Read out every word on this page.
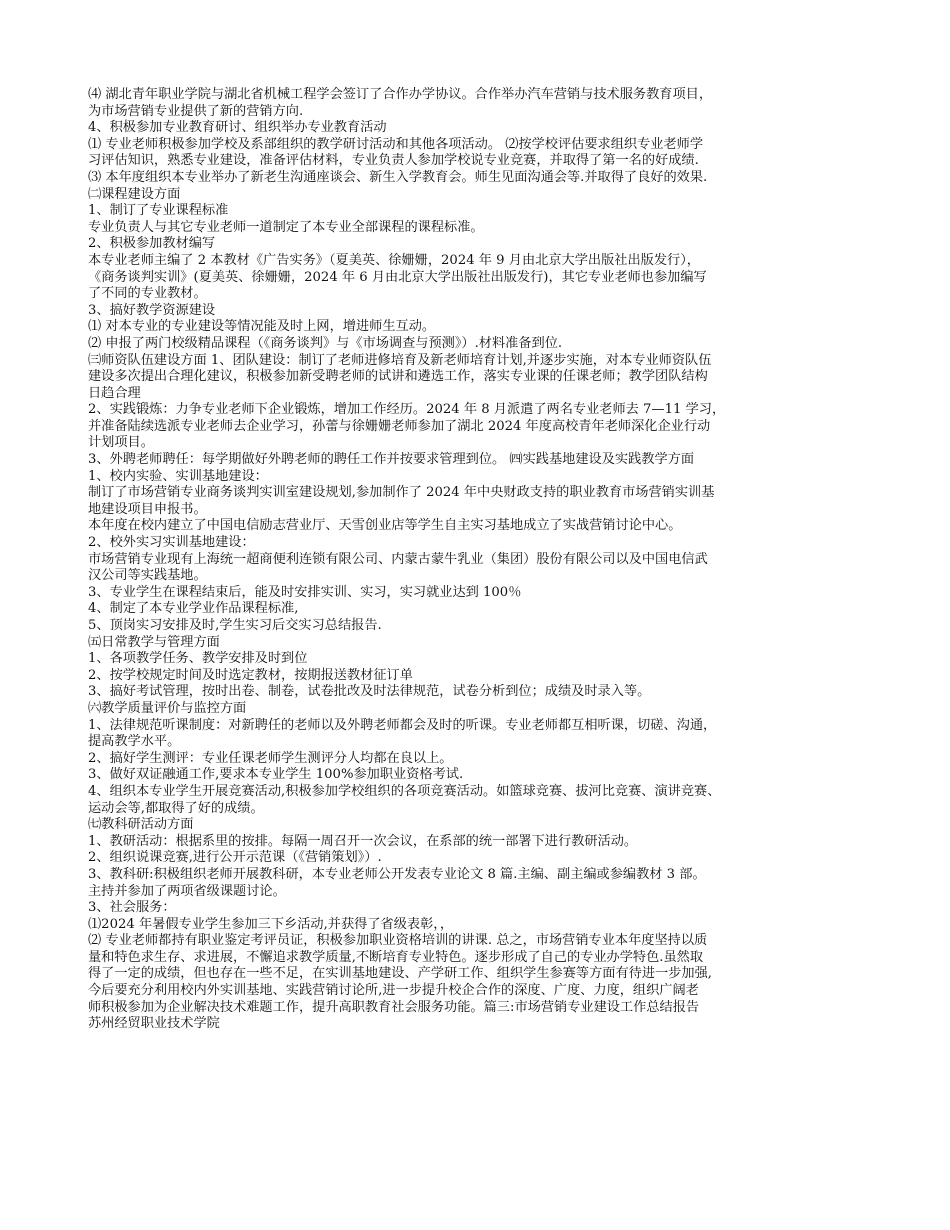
⑷ 湖北青年职业学院与湖北省机械工程学会签订了合作办学协议。合作举办汽车营销与技术服务教育项目，
为市场营销专业提供了新的营销方向.
4、积极参加专业教育研讨、组织举办专业教育活动
⑴ 专业老师积极参加学校及系部组织的教学研讨活动和其他各项活动。 ⑵按学校评估要求组织专业老师学
习评估知识，熟悉专业建设，准备评估材料，专业负责人参加学校说专业竞赛，并取得了第一名的好成绩.
⑶ 本年度组织本专业举办了新老生沟通座谈会、新生入学教育会。师生见面沟通会等.并取得了良好的效果.
㈡课程建设方面
1、制订了专业课程标准
专业负责人与其它专业老师一道制定了本专业全部课程的课程标准。
2、积极参加教材编写
本专业老师主编了 2 本教材《广告实务》（夏美英、徐姗姗，2024 年 9 月由北京大学出版社出版发行），
《商务谈判实训》(夏美英、徐姗姗，2024 年 6 月由北京大学出版社出版发行)，其它专业老师也参加编写
了不同的专业教材。
3、搞好教学资源建设
⑴ 对本专业的专业建设等情况能及时上网，增进师生互动。
⑵ 申报了两门校级精品课程（《商务谈判》与《市场调查与预测》）.材料准备到位.
㈢师资队伍建设方面 1、团队建设：制订了老师进修培育及新老师培育计划,并逐步实施，对本专业师资队伍
建设多次提出合理化建议，积极参加新受聘老师的试讲和遴选工作，落实专业课的任课老师；教学团队结构
日趋合理
2、实践锻炼：力争专业老师下企业锻炼，增加工作经历。2024 年 8 月派遣了两名专业老师去 7—11 学习，
并准备陆续选派专业老师去企业学习，孙蕾与徐姗姗老师参加了湖北 2024 年度高校青年老师深化企业行动
计划项目。
3、外聘老师聘任：每学期做好外聘老师的聘任工作并按要求管理到位。 ㈣实践基地建设及实践教学方面
1、校内实验、实训基地建设：
制订了市场营销专业商务谈判实训室建设规划,参加制作了 2024 年中央财政支持的职业教育市场营销实训基
地建设项目申报书。
本年度在校内建立了中国电信励志营业厅、天雪创业店等学生自主实习基地成立了实战营销讨论中心。
2、校外实习实训基地建设：
市场营销专业现有上海统一超商便利连锁有限公司、内蒙古蒙牛乳业（集团）股份有限公司以及中国电信武
汉公司等实践基地。
3、专业学生在课程结束后，能及时安排实训、实习，实习就业达到 100％
4、制定了本专业学业作品课程标准,
5、顶岗实习安排及时,学生实习后交实习总结报告.
㈤日常教学与管理方面
1、各项教学任务、教学安排及时到位
2、按学校规定时间及时选定教材，按期报送教材征订单
3、搞好考试管理，按时出卷、制卷，试卷批改及时法律规范，试卷分析到位；成绩及时录入等。
㈥教学质量评价与监控方面
1、法律规范听课制度：对新聘任的老师以及外聘老师都会及时的听课。专业老师都互相听课，切磋、沟通，
提高教学水平。
2、搞好学生测评：专业任课老师学生测评分人均都在良以上。
3、做好双证融通工作,要求本专业学生 100%参加职业资格考试.
4、组织本专业学生开展竞赛活动,积极参加学校组织的各项竞赛活动。如篮球竞赛、拔河比竞赛、演讲竞赛、
运动会等,都取得了好的成绩。
㈦教科研活动方面
1、教研活动：根据系里的按排。每隔一周召开一次会议，在系部的统一部署下进行教研活动。
2、组织说课竞赛,进行公开示范课（《营销策划》）.
3、教科研:积极组织老师开展教科研，本专业老师公开发表专业论文 8 篇.主编、副主编或参编教材 3 部。
主持并参加了两项省级课题讨论。
3、社会服务：
⑴2024 年暑假专业学生参加三下乡活动,并获得了省级表彰，，
⑵ 专业老师都持有职业鉴定考评员证，积极参加职业资格培训的讲课. 总之，市场营销专业本年度坚持以质
量和特色求生存、求进展，不懈追求教学质量,不断培育专业特色。逐步形成了自己的专业办学特色.虽然取
得了一定的成绩，但也存在一些不足，在实训基地建设、产学研工作、组织学生参赛等方面有待进一步加强,
今后要充分利用校内外实训基地、实践营销讨论所,进一步提升校企合作的深度、广度、力度，组织广阔老
师积极参加为企业解决技术难题工作，提升高职教育社会服务功能。篇三:市场营销专业建设工作总结报告
苏州经贸职业技术学院
